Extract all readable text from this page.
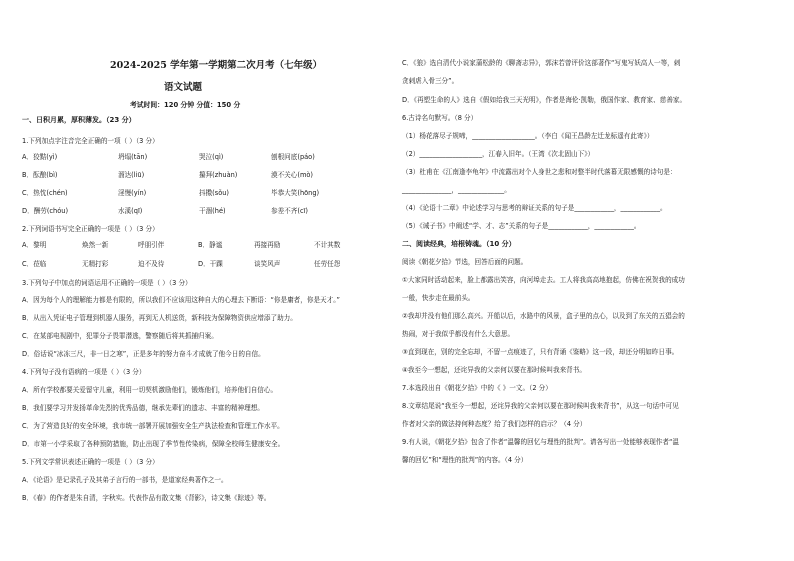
2024-2025 学年第一学期第二次月考（七年级）
语文试题
考试时间：120 分钟 分值：150 分
一、日积月累，厚积薄发。（23 分）
1.下列加点字注音完全正确的一项（ ）（3 分）
A．狡黠(yì)	坍塌(tān)	哭泣(qì)	刨根问底(páo)
B．酝酿(bì)	溜达(liū)	攥拜(zhuàn)	漠不关心(mò)
C．热忱(chén)	淫慢(yín)	抖擞(sǒu)	毕恭大笑(hōng)
D．酬劳(chóu)	水溪(qī)	干涸(hé)	参差不齐(cī)
2.下列词语书写完全正确的一项是（ ）（3 分）
A．黎明	焕然一新	呼朋引伴	B．静谧	再接再励	不计其数
C．莅临	无精打彩	迫不及待	D．干踝	谈笑风声	任劳任怨
3.下列句子中加点的词语运用不正确的一项是（ ）（3 分）
A．因为每个人的理解能力都是有限的，所以我们不应该用这种自大的心理去下断语：“你是庸者，你是天才。”
B．从出入凭证电子管理到机器人服务，再到无人机送货，新科技为保障物资供应增添了助力。
C．在某部电视剧中，犯罪分子畏罪潜逃，警察随后将其抓捕归案。
D．俗话说“冰冻三尺，非一日之寒”，正是多年的努力奋斗才成就了他今日的自信。
4.下列句子没有语病的一项是（ ）（3 分）
A．所有学校都要关爱留守儿童，利用一切契机激励他们，锻炼他们，培养他们自信心。
B．我们要学习并发扬革命先烈的优秀品德，继承先辈们的遗志、丰富的精神理想。
C．为了营造良好的安全环境，我市统一部署开展加强安全生产执法检查和管理工作水平。
D．市第一小学采取了各种预防措施，防止出现了季节性传染病，保障全校师生健康安全。
5.下列文学常识表述正确的一项是（ ）（3 分）
A．《论语》是记录孔子及其弟子言行的一部书，是道家经典著作之一。
B．《春》的作者是朱自清，字秋实。代表作品有散文集《背影》，诗文集《踪迹》等。
C．《狼》选自清代小说家蒲松龄的《聊斋志异》，郭沫若曾评价这部著作“写鬼写妖高人一等，刺
贪刺虐入骨三分”。
D．《再塑生命的人》选自《假如给我三天光明》，作者是海伦·凯勒，俄国作家、教育家、慈善家。
6.古诗名句默写。（8 分）
（1）杨花落尽子规啼，___________________。（李白《闻王昌龄左迁龙标遥有此寄》）
（2）___________________，江春入旧年。（王湾《次北固山下》）
（3）杜甫在《江南逢李龟年》中流露出对个人身世之悲和对整半时代落幕无限感慨的诗句是：
_______________，______________。
（4）《论语十二章》中论述学习与思考的辩证关系的句子是____________，____________。
（5）《诫子书》中阐述“学、才、志”关系的句子是____________，____________。
二、阅读经典，培根铸魂。（10 分）
阅读《朝花夕拾》节选，回答后面的问题。
①大家同时活动起来，脸上都露出笑容，向河埠走去。工人将我高高地抱起，仿佛在祝贺我的成功
一般，快步走在最前头。
②我却并没有他们那么高兴。开船以后，水路中的风景，盒子里的点心，以及到了东关的五猖会的
热闹，对于我似乎都没有什么大意思。
③直到现在，别的完全忘却，不留一点痕迹了，只有背诵《鉴略》这一段，却还分明如昨日事。
④我至今一想起，还诧异我的父亲何以要在那时候叫我来背书。
7.本选段出自《朝花夕拾》中的《 》一文。（2 分）
8.文章结尾说“我至今一想起，还诧异我的父亲何以要在那时候叫我来背书”，从这一句话中可见
作者对父亲的做法持何种态度？给了我们怎样的启示？（4 分）
9.有人说，《朝花夕拾》包含了作者“温馨的回忆与理性的批判”。请各写出一处能够表现作者“温
馨的回忆”和“理性的批判”的内容。（4 分）
